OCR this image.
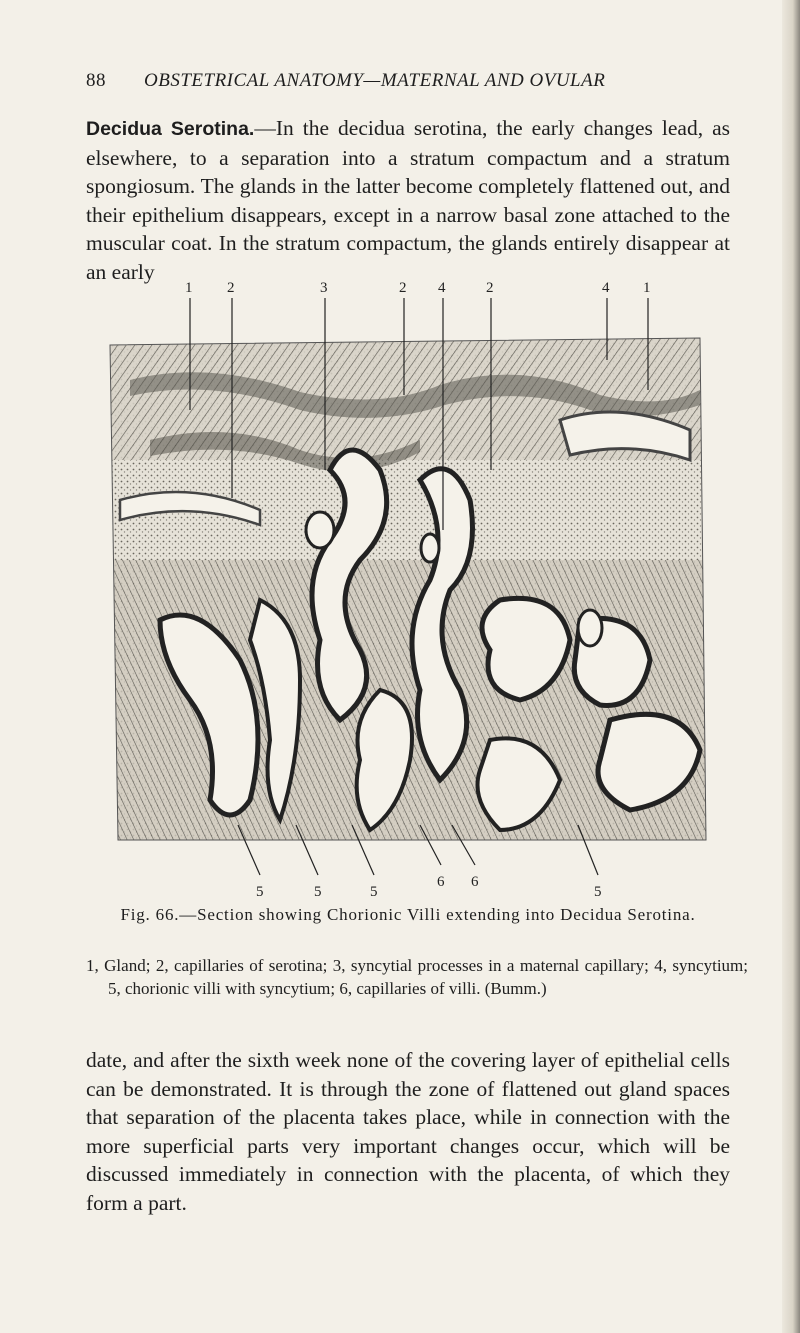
88 OBSTETRICAL ANATOMY—MATERNAL AND OVULAR
Decidua Serotina.—In the decidua serotina, the early changes lead, as elsewhere, to a separation into a stratum compactum and a stratum spongiosum. The glands in the latter become completely flattened out, and their epithelium disappears, except in a narrow basal zone attached to the muscular coat. In the stratum compactum, the glands entirely disappear at an early
1 2	3	2 4	2	4 1
5	5	5
6 6
5
Fig. 66.—Section showing Chorionic Villi extending into Decidua Serotina.
1, Gland; 2, capillaries of serotina; 3, syncytial processes in a maternal capillary; 4, syncytium; 5, chorionic villi with syncytium; 6, capillaries of villi. (Bumm.)
date, and after the sixth week none of the covering layer of epithelial cells can be demonstrated. It is through the zone of flattened out gland spaces that separation of the placenta takes place, while in connection with the more superficial parts very important changes occur, which will be discussed immediately in connection with the placenta, of which they form a part.
